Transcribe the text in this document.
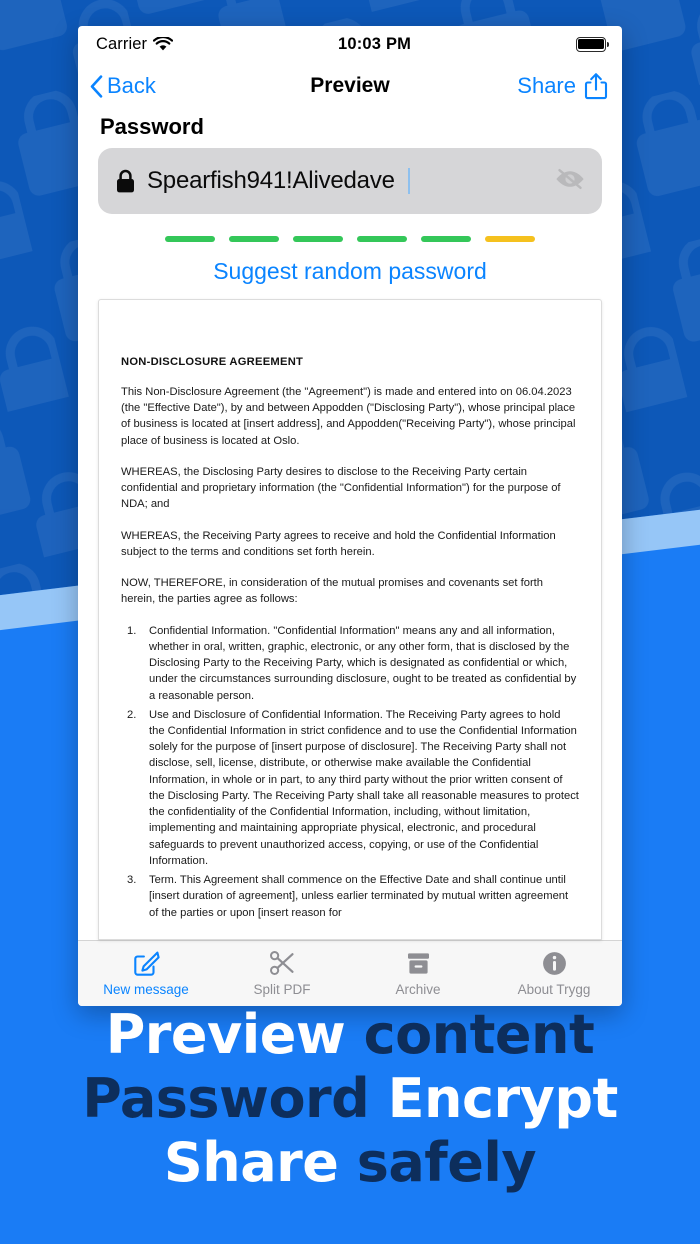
Carrier	10:03 PM
Back	Preview	Share
Password
Spearfish941!Alivedave
Suggest random password
NON-DISCLOSURE AGREEMENT
This Non-Disclosure Agreement (the "Agreement") is made and entered into on 06.04.2023 (the "Effective Date"), by and between Appodden ("Disclosing Party"), whose principal place of business is located at [insert address], and Appodden("Receiving Party"), whose principal place of business is located at Oslo.
WHEREAS, the Disclosing Party desires to disclose to the Receiving Party certain confidential and proprietary information (the "Confidential Information") for the purpose of NDA; and
WHEREAS, the Receiving Party agrees to receive and hold the Confidential Information subject to the terms and conditions set forth herein.
NOW, THEREFORE, in consideration of the mutual promises and covenants set forth herein, the parties agree as follows:
Confidential Information. "Confidential Information" means any and all information, whether in oral, written, graphic, electronic, or any other form, that is disclosed by the Disclosing Party to the Receiving Party, which is designated as confidential or which, under the circumstances surrounding disclosure, ought to be treated as confidential by a reasonable person.
Use and Disclosure of Confidential Information. The Receiving Party agrees to hold the Confidential Information in strict confidence and to use the Confidential Information solely for the purpose of [insert purpose of disclosure]. The Receiving Party shall not disclose, sell, license, distribute, or otherwise make available the Confidential Information, in whole or in part, to any third party without the prior written consent of the Disclosing Party. The Receiving Party shall take all reasonable measures to protect the confidentiality of the Confidential Information, including, without limitation, implementing and maintaining appropriate physical, electronic, and procedural safeguards to prevent unauthorized access, copying, or use of the Confidential Information.
Term. This Agreement shall commence on the Effective Date and shall continue until [insert duration of agreement], unless earlier terminated by mutual written agreement of the parties or upon [insert reason for
New message	Split PDF	Archive	About Trygg
Preview content
Password Encrypt
Share safely
